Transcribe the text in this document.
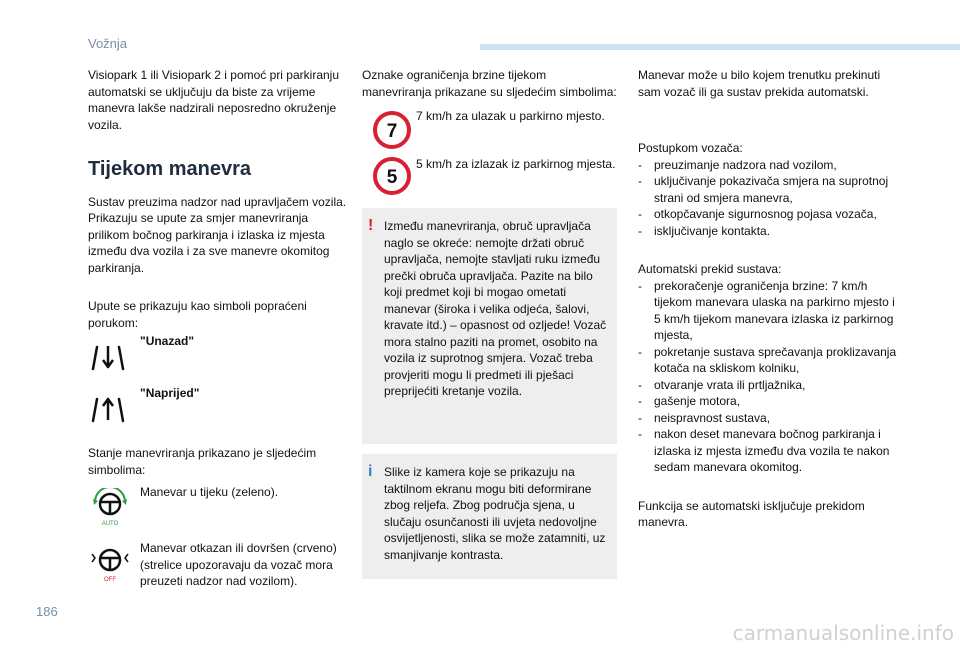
Vožnja

Visiopark 1 ili Visiopark 2 i pomoć pri parkiranju automatski se uključuju da biste za vrijeme manevra lakše nadzirali neposredno okruženje vozila.

Tijekom manevra

Sustav preuzima nadzor nad upravljačem vozila. Prikazuju se upute za smjer manevriranja prilikom bočnog parkiranja i izlaska iz mjesta između dva vozila i za sve manevre okomitog parkiranja.

Upute se prikazuju kao simboli popraćeni porukom:

"Unazad"
"Naprijed"

Stanje manevriranja prikazano je sljedećim simbolima:

AUTO
Manevar u tijeku (zeleno).
OFF
Manevar otkazan ili dovršen (crveno) (strelice upozoravaju da vozač mora preuzeti nadzor nad vozilom).

Oznake ograničenja brzine tijekom manevriranja prikazane su sljedećim simbolima:

7
7 km/h za ulazak u parkirno mjesto.
5
5 km/h za izlazak iz parkirnog mjesta.
! Između manevriranja, obruč upravljača naglo se okreće: nemojte držati obruč upravljača, nemojte stavljati ruku između prečki obruča upravljača. Pazite na bilo koji predmet koji bi mogao ometati manevar (široka i velika odjeća, šalovi, kravate itd.) – opasnost od ozljede! Vozač mora stalno paziti na promet, osobito na vozila iz suprotnog smjera. Vozač treba provjeriti mogu li predmeti ili pješaci preprijećiti kretanje vozila.

i Slike iz kamera koje se prikazuju na taktilnom ekranu mogu biti deformirane zbog reljefa. Zbog područja sjena, u slučaju osunčanosti ili uvjeta nedovoljne osvijetljenosti, slika se može zatamniti, uz smanjivanje kontrasta.

Manevar može u bilo kojem trenutku prekinuti sam vozač ili ga sustav prekida automatski.

Postupkom vozača:

- preuzimanje nadzora nad vozilom,
- uključivanje pokazivača smjera na suprotnoj strani od smjera manevra,
- otkopčavanje sigurnosnog pojasa vozača,
- isključivanje kontakta.

Automatski prekid sustava:

- prekoračenje ograničenja brzine: 7 km/h tijekom manevara ulaska na parkirno mjesto i 5 km/h tijekom manevara izlaska iz parkirnog mjesta,
- pokretanje sustava sprečavanja proklizavanja kotača na skliskom kolniku,
- otvaranje vrata ili prtljažnika,
- gašenje motora,
- neispravnost sustava,
- nakon deset manevara bočnog parkiranja i izlaska iz mjesta između dva vozila te nakon sedam manevara okomitog.

Funkcija se automatski isključuje prekidom manevra.

186
carmanualsonline.info
